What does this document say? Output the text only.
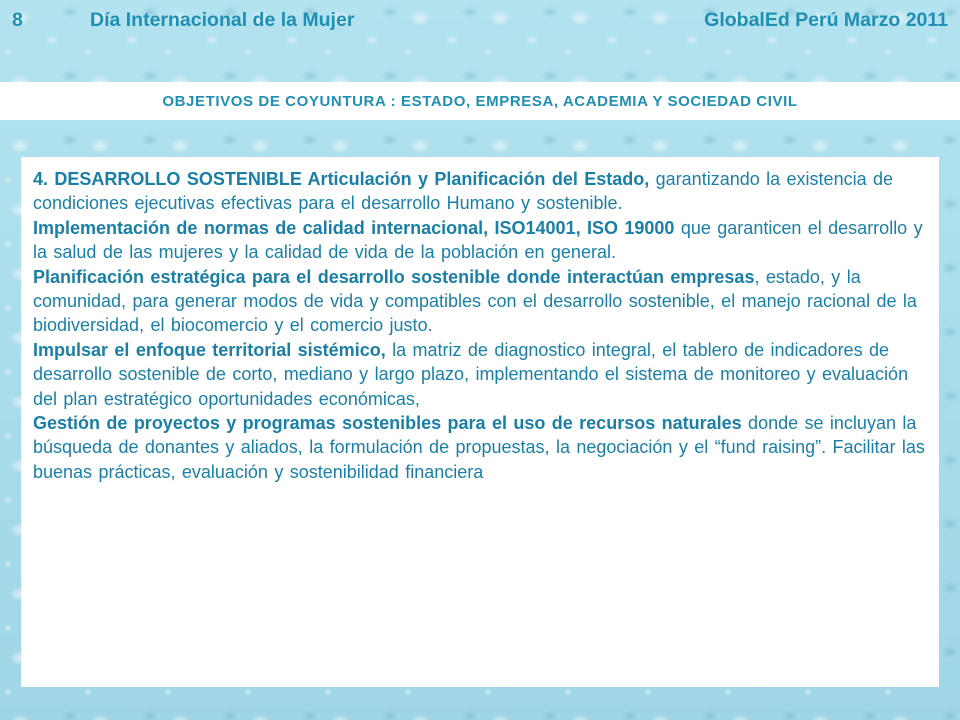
8	Día Internacional de la Mujer	GlobalEd Perú Marzo 2011
OBJETIVOS DE COYUNTURA : ESTADO, EMPRESA, ACADEMIA Y SOCIEDAD CIVIL

4. DESARROLLO SOSTENIBLE Articulación y Planificación del Estado, garantizando la existencia de condiciones ejecutivas efectivas para el desarrollo Humano y sostenible.

Implementación de normas de calidad internacional, ISO14001, ISO 19000 que garanticen el desarrollo y la salud de las mujeres y la calidad de vida de la población en general.

Planificación estratégica para el desarrollo sostenible donde interactúan empresas, estado, y la comunidad, para generar modos de vida y compatibles con el desarrollo sostenible, el manejo racional de la biodiversidad, el biocomercio y el comercio justo.

Impulsar el enfoque territorial sistémico, la matriz de diagnostico integral, el tablero de indicadores de desarrollo sostenible de corto, mediano y largo plazo, implementando el sistema de monitoreo y evaluación del plan estratégico oportunidades económicas,

Gestión de proyectos y programas sostenibles para el uso de recursos naturales donde se incluyan la búsqueda de donantes y aliados, la formulación de propuestas, la negociación y el “fund raising”. Facilitar las buenas prácticas, evaluación y sostenibilidad financiera
